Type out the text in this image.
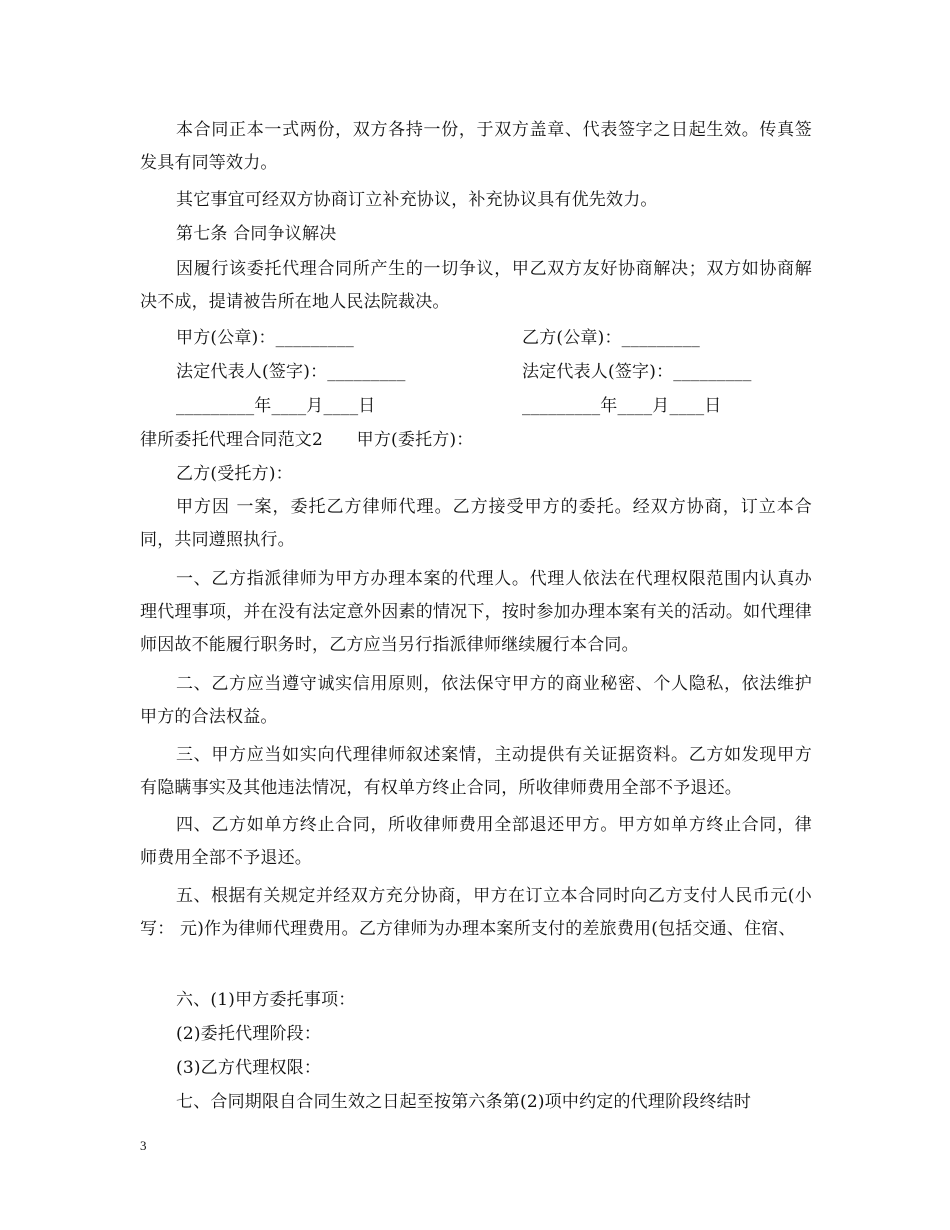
本合同正本一式两份，双方各持一份，于双方盖章、代表签字之日起生效。传真签发具有同等效力。

其它事宜可经双方协商订立补充协议，补充协议具有优先效力。

第七条 合同争议解决

因履行该委托代理合同所产生的一切争议，甲乙双方友好协商解决；双方如协商解决不成，提请被告所在地人民法院裁决。

甲方(公章)：_________	乙方(公章)：_________
法定代表人(签字)：_________	法定代表人(签字)：_________
_________年____月____日	_________年____月____日
律所委托代理合同范文2      甲方(委托方)：

乙方(受托方)：

甲方因 一案，委托乙方律师代理。乙方接受甲方的委托。经双方协商，订立本合同，共同遵照执行。

一、乙方指派律师为甲方办理本案的代理人。代理人依法在代理权限范围内认真办理代理事项，并在没有法定意外因素的情况下，按时参加办理本案有关的活动。如代理律师因故不能履行职务时，乙方应当另行指派律师继续履行本合同。

二、乙方应当遵守诚实信用原则，依法保守甲方的商业秘密、个人隐私，依法维护甲方的合法权益。

三、甲方应当如实向代理律师叙述案情，主动提供有关证据资料。乙方如发现甲方有隐瞒事实及其他违法情况，有权单方终止合同，所收律师费用全部不予退还。

四、乙方如单方终止合同，所收律师费用全部退还甲方。甲方如单方终止合同，律师费用全部不予退还。

五、根据有关规定并经双方充分协商，甲方在订立本合同时向乙方支付人民币元(小写： 元)作为律师代理费用。乙方律师为办理本案所支付的差旅费用(包括交通、住宿、

六、(1)甲方委托事项：

(2)委托代理阶段：

(3)乙方代理权限：

七、合同期限自合同生效之日起至按第六条第(2)项中约定的代理阶段终结时

3
